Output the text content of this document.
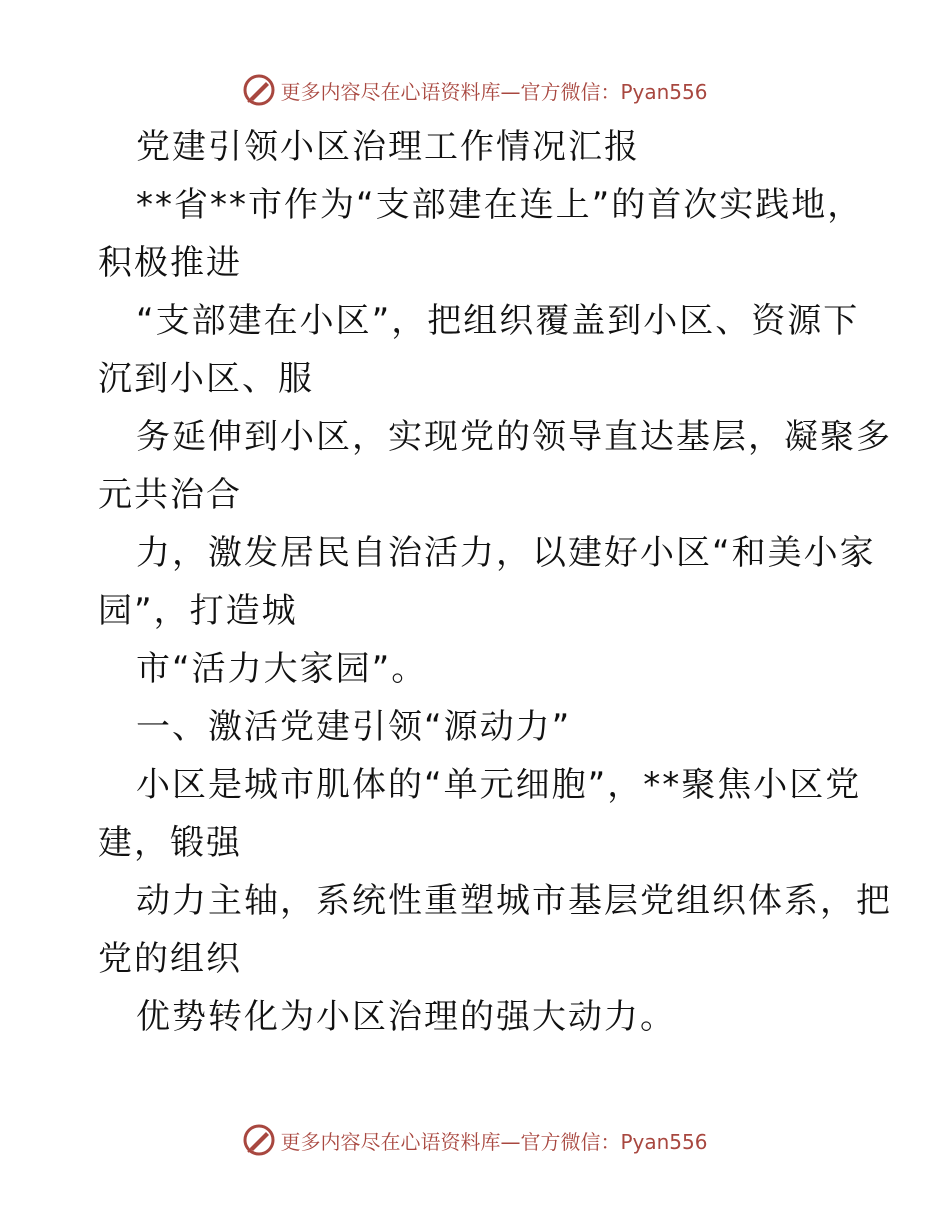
更多内容尽在心语资料库—官方微信：Pyan556
党建引领小区治理工作情况汇报
**省**市作为“支部建在连上”的首次实践地，
积极推进
“支部建在小区”，把组织覆盖到小区、资源下
沉到小区、服
务延伸到小区，实现党的领导直达基层，凝聚多
元共治合
力，激发居民自治活力，以建好小区“和美小家
园”，打造城
市“活力大家园”。
一、激活党建引领“源动力”
小区是城市肌体的“单元细胞”，**聚焦小区党
建，锻强
动力主轴，系统性重塑城市基层党组织体系，把
党的组织
优势转化为小区治理的强大动力。
更多内容尽在心语资料库—官方微信：Pyan556
